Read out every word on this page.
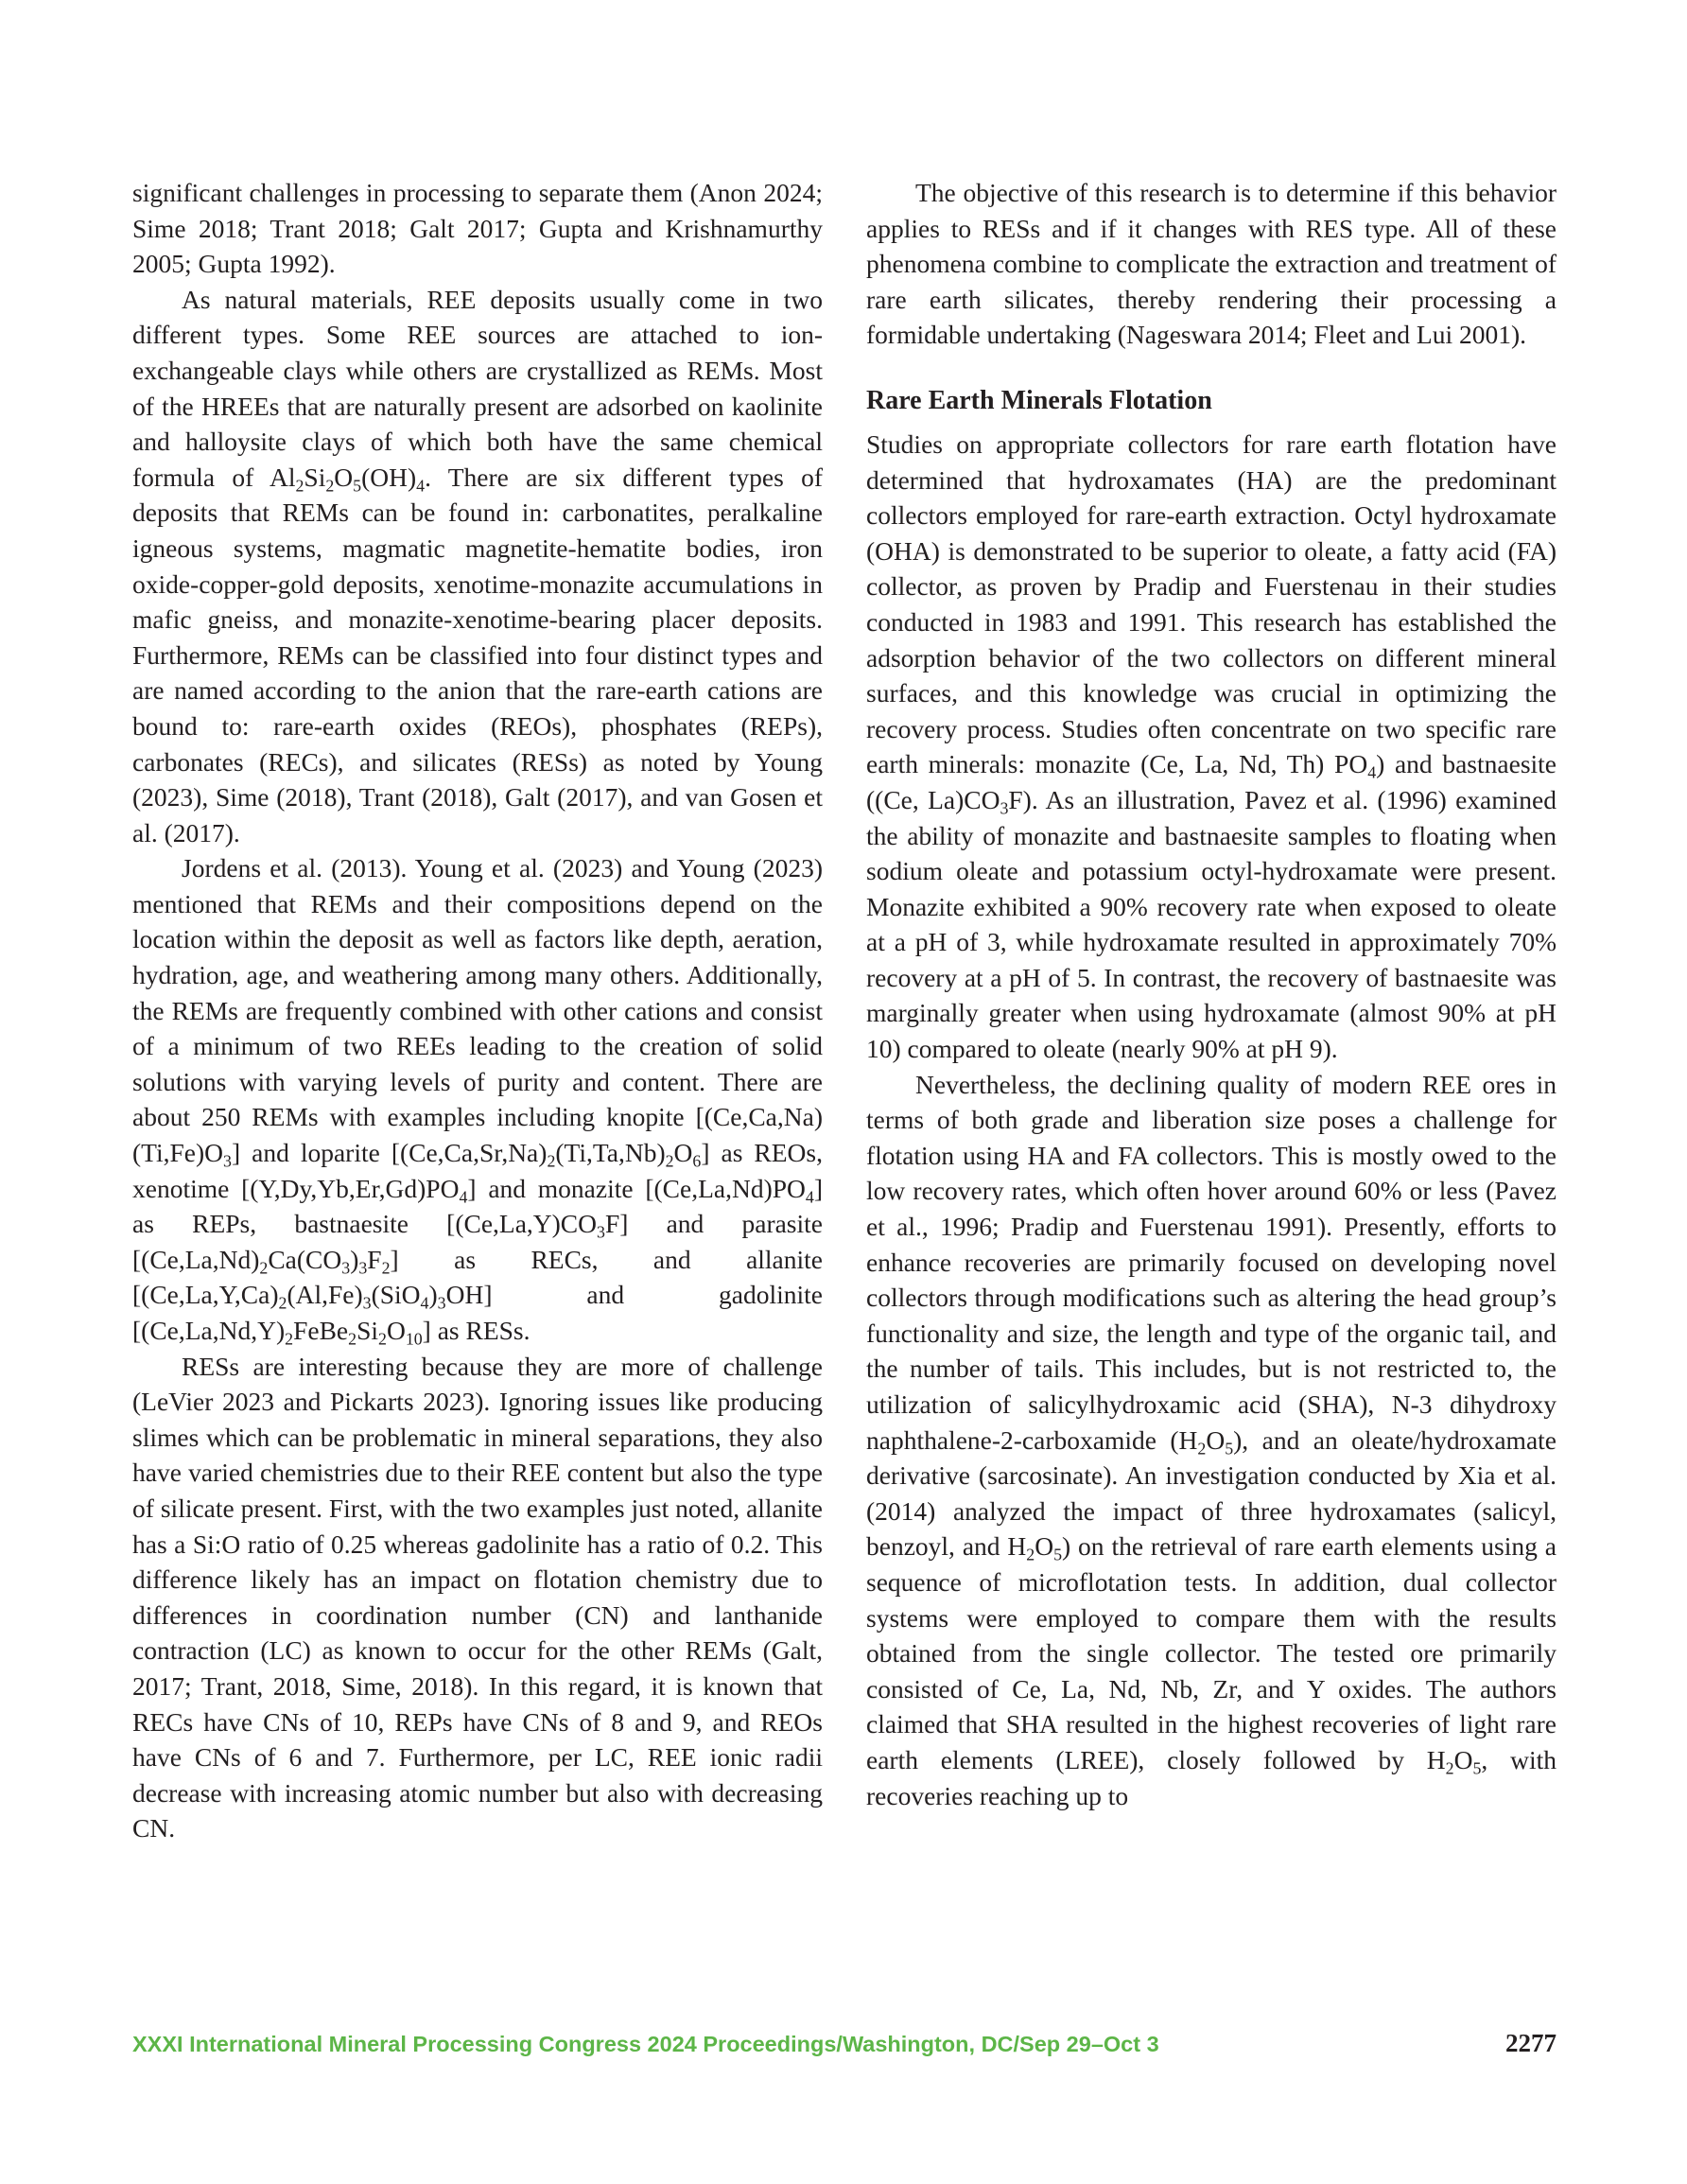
significant challenges in processing to separate them (Anon 2024; Sime 2018; Trant 2018; Galt 2017; Gupta and Krishnamurthy 2005; Gupta 1992).

As natural materials, REE deposits usually come in two different types. Some REE sources are attached to ion-exchangeable clays while others are crystallized as REMs. Most of the HREEs that are naturally present are adsorbed on kaolinite and halloysite clays of which both have the same chemical formula of $Al_2Si_2O_5(OH)_4$. There are six different types of deposits that REMs can be found in: carbonatites, peralkaline igneous systems, magmatic magnetite-hematite bodies, iron oxide-copper-gold deposits, xenotime-monazite accumulations in mafic gneiss, and monazite-xenotime-bearing placer deposits. Furthermore, REMs can be classified into four distinct types and are named according to the anion that the rare-earth cations are bound to: rare-earth oxides (REOs), phosphates (REPs), carbonates (RECs), and silicates (RESs) as noted by Young (2023), Sime (2018), Trant (2018), Galt (2017), and van Gosen et al. (2017).

Jordens et al. (2013). Young et al. (2023) and Young (2023) mentioned that REMs and their compositions depend on the location within the deposit as well as factors like depth, aeration, hydration, age, and weathering among many others. Additionally, the REMs are frequently combined with other cations and consist of a minimum of two REEs leading to the creation of solid solutions with varying levels of purity and content. There are about 250 REMs with examples including knopite $[(Ce,Ca,Na)(Ti,Fe)O_3]$ and loparite $[(Ce,Ca,Sr,Na)_2(Ti,Ta,Nb)_2O_6]$ as REOs, xenotime $[(Y,Dy,Yb,Er,Gd)PO_4]$ and monazite $[(Ce,La,Nd)PO_4]$ as REPs, bastnaesite $[(Ce,La,Y)CO_3F]$ and parasite $[(Ce,La,Nd)_2Ca(CO_3)_3F_2]$ as RECs, and allanite $[(Ce,La,Y,Ca)_2(Al,Fe)_3(SiO_4)_3OH]$ and gadolinite $[(Ce,La,Nd,Y)_2FeBe_2Si_2O_{10}]$ as RESs.

RESs are interesting because they are more of challenge (LeVier 2023 and Pickarts 2023). Ignoring issues like producing slimes which can be problematic in mineral separations, they also have varied chemistries due to their REE content but also the type of silicate present. First, with the two examples just noted, allanite has a Si:O ratio of 0.25 whereas gadolinite has a ratio of 0.2. This difference likely has an impact on flotation chemistry due to differences in coordination number (CN) and lanthanide contraction (LC) as known to occur for the other REMs (Galt, 2017; Trant, 2018, Sime, 2018). In this regard, it is known that RECs have CNs of 10, REPs have CNs of 8 and 9, and REOs have CNs of 6 and 7. Furthermore, per LC, REE ionic radii decrease with increasing atomic number but also with decreasing CN.

The objective of this research is to determine if this behavior applies to RESs and if it changes with RES type. All of these phenomena combine to complicate the extraction and treatment of rare earth silicates, thereby rendering their processing a formidable undertaking (Nageswara 2014; Fleet and Lui 2001).

Rare Earth Minerals Flotation

Studies on appropriate collectors for rare earth flotation have determined that hydroxamates (HA) are the predominant collectors employed for rare-earth extraction. Octyl hydroxamate (OHA) is demonstrated to be superior to oleate, a fatty acid (FA) collector, as proven by Pradip and Fuerstenau in their studies conducted in 1983 and 1991. This research has established the adsorption behavior of the two collectors on different mineral surfaces, and this knowledge was crucial in optimizing the recovery process. Studies often concentrate on two specific rare earth minerals: monazite (Ce, La, Nd, Th) $PO_4$) and bastnaesite ((Ce, $La)CO_3F$). As an illustration, Pavez et al. (1996) examined the ability of monazite and bastnaesite samples to floating when sodium oleate and potassium octyl-hydroxamate were present. Monazite exhibited a 90% recovery rate when exposed to oleate at a pH of 3, while hydroxamate resulted in approximately 70% recovery at a pH of 5. In contrast, the recovery of bastnaesite was marginally greater when using hydroxamate (almost 90% at pH 10) compared to oleate (nearly 90% at pH 9).

Nevertheless, the declining quality of modern REE ores in terms of both grade and liberation size poses a challenge for flotation using HA and FA collectors. This is mostly owed to the low recovery rates, which often hover around 60% or less (Pavez et al., 1996; Pradip and Fuerstenau 1991). Presently, efforts to enhance recoveries are primarily focused on developing novel collectors through modifications such as altering the head group’s functionality and size, the length and type of the organic tail, and the number of tails. This includes, but is not restricted to, the utilization of salicylhydroxamic acid (SHA), N-3 dihydroxy naphthalene-2-carboxamide $(H_2O_5)$, and an oleate/hydroxamate derivative (sarcosinate). An investigation conducted by Xia et al. (2014) analyzed the impact of three hydroxamates (salicyl, benzoyl, and $H_2O_5$) on the retrieval of rare earth elements using a sequence of microflotation tests. In addition, dual collector systems were employed to compare them with the results obtained from the single collector. The tested ore primarily consisted of Ce, La, Nd, Nb, Zr, and Y oxides. The authors claimed that SHA resulted in the highest recoveries of light rare earth elements (LREE), closely followed by $H_2O_5$, with recoveries reaching up to

XXXI International Mineral Processing Congress 2024 Proceedings/Washington, DC/Sep 29–Oct 3	2277
